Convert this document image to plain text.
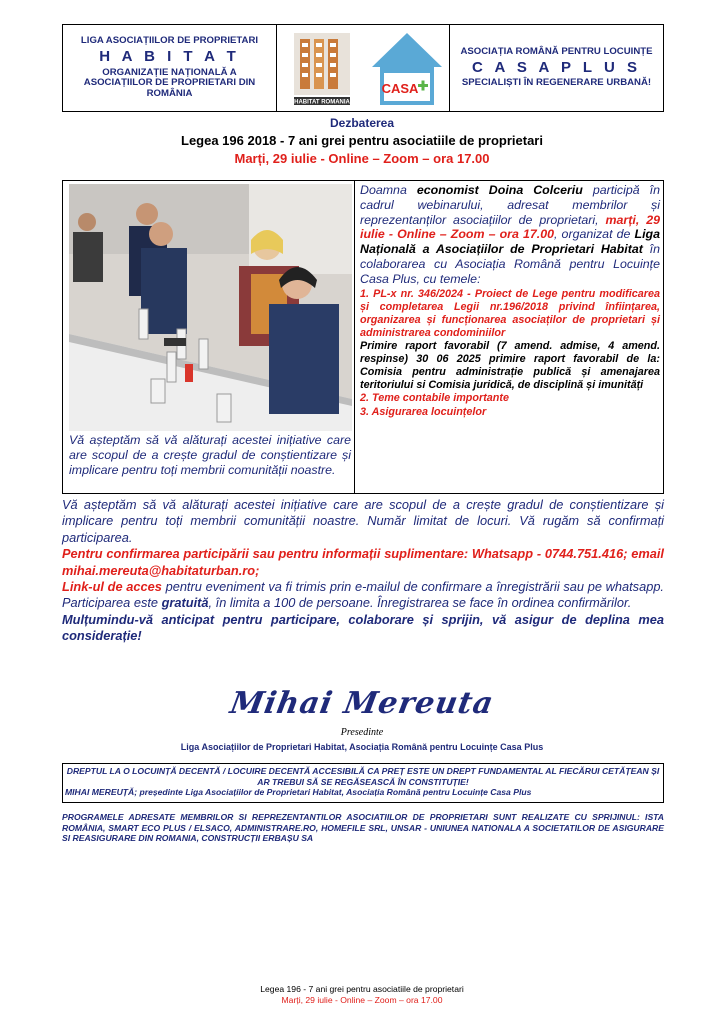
LIGA ASOCIAȚIILOR DE PROPRIETARI
H A B I T A T
ORGANIZAȚIE NAȚIONALĂ A ASOCIAȚIILOR DE PROPRIETARI DIN ROMÂNIA
HABITAT ROMANIA
CASA
ASOCIAȚIA ROMÂNĂ PENTRU LOCUINȚE
C A S A P L U S
SPECIALIȘTI ÎN REGENERARE URBANĂ!
Dezbaterea
Legea 196 2018 - 7 ani grei pentru asociatiile de proprietari
Marți, 29 iulie - Online – Zoom – ora 17.00
Vă așteptăm să vă alăturați acestei inițiative care are scopul de a crește gradul de conștientizare și implicare pentru toți membrii comunității noastre.
Doamna economist Doina Colceriu participă în cadrul webinarului, adresat membrilor și reprezentanților asociațiilor de proprietari, marți, 29 iulie - Online – Zoom – ora 17.00, organizat de Liga Națională a Asociațiilor de Proprietari Habitat în colaborarea cu Asociația Română pentru Locuințe Casa Plus, cu temele:
1. PL-x nr. 346/2024 - Proiect de Lege pentru modificarea și completarea Legii nr.196/2018 privind înființarea, organizarea și funcționarea asociaților de proprietari și administrarea condominiilor
Primire raport favorabil (7 amend. admise, 4 amend. respinse) 30 06 2025 primire raport favorabil de la: Comisia pentru administrație publică și amenajarea teritoriului si Comisia juridică, de disciplină și imunități
2. Teme contabile importante
3. Asigurarea locuințelor

Vă așteptăm să vă alăturați acestei inițiative care are scopul de a crește gradul de conștientizare și implicare pentru toți membrii comunității noastre. Număr limitat de locuri. Vă rugăm să confirmați participarea.

Pentru confirmarea participării sau pentru informații suplimentare: Whatsapp - 0744.751.416; email mihai.mereuta@habitaturban.ro;

Link-ul de acces pentru eveniment va fi trimis prin e-mailul de confirmare a înregistrării sau pe whatsapp. Participarea este gratuită, în limita a 100 de persoane. Înregistrarea se face în ordinea confirmărilor.

Mulțumindu-vă anticipat pentru participare, colaborare și sprijin, vă asigur de deplina mea considerație!

Mihai Mereuta
Presedinte
Liga Asociațiilor de Proprietari Habitat, Asociația Română pentru Locuințe Casa Plus
DREPTUL LA O LOCUINȚĂ DECENTĂ / LOCUIRE DECENTĂ ACCESIBILĂ CA PREȚ ESTE UN DREPT FUNDAMENTAL AL FIECĂRUI CETĂȚEAN ȘI AR TREBUI SĂ SE REGĂSEASCĂ ÎN CONSTITUȚIE!
MIHAI MEREUȚĂ; președinte Liga Asociațiilor de Proprietari Habitat, Asociația Română pentru Locuințe Casa Plus
PROGRAMELE ADRESATE MEMBRILOR SI REPREZENTANTILOR ASOCIATIILOR DE PROPRIETARI SUNT REALIZATE CU SPRIJINUL: ISTA ROMÂNIA, SMART ECO PLUS / ELSACO, ADMINISTRARE.RO, HOMEFILE SRL, UNSAR - UNIUNEA NATIONALA A SOCIETATILOR DE ASIGURARE SI REASIGURARE DIN ROMANIA, CONSTRUCȚII ERBAȘU SA
Legea 196 - 7 ani grei pentru asociatiile de proprietari
Marți, 29 iulie - Online – Zoom – ora 17.00
